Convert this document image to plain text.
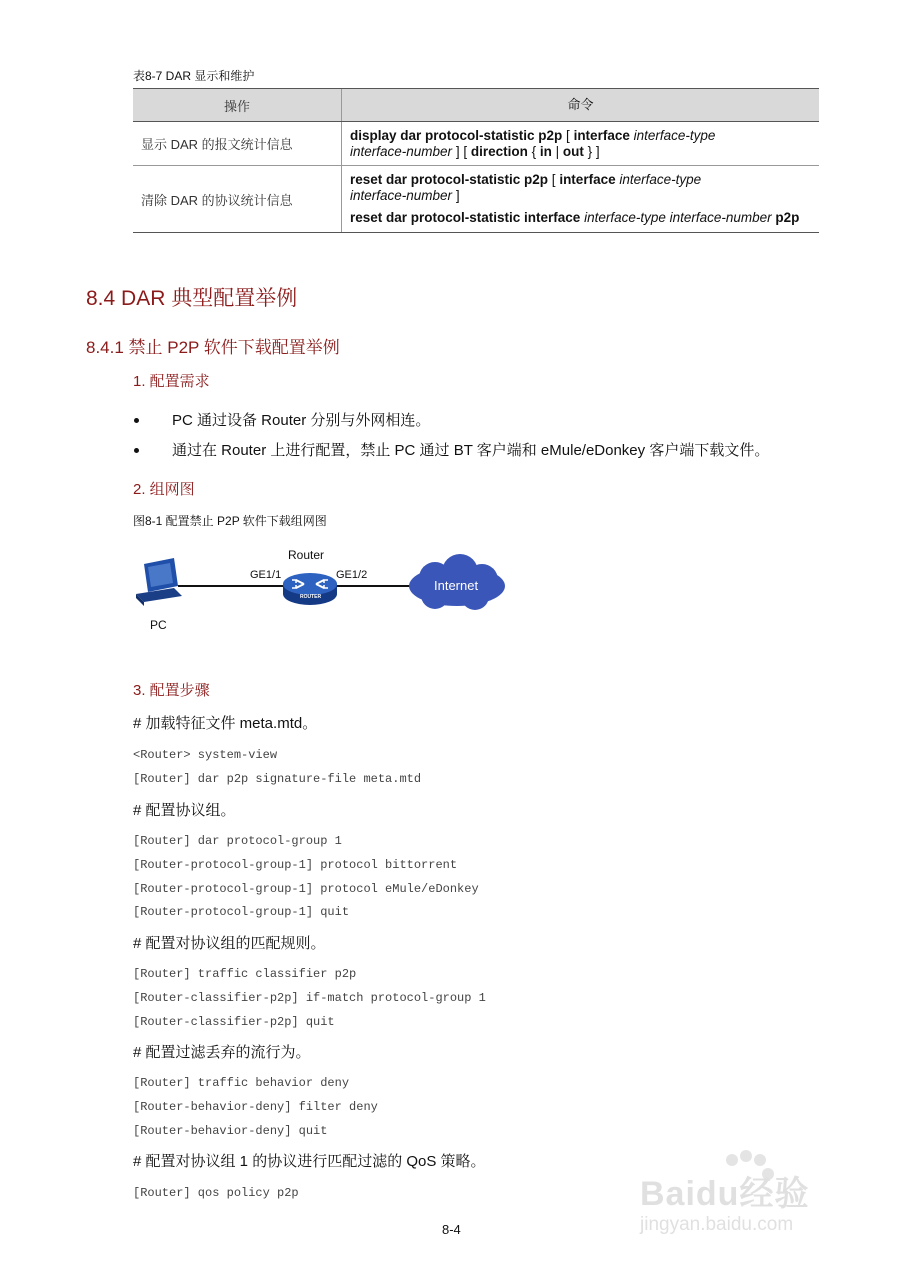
表8-7 DAR 显示和维护
操作	命令
显示 DAR 的报文统计信息	display dar protocol-statistic p2p [ interface interface-type
interface-number ] [ direction { in | out } ]

清除 DAR 的协议统计信息	reset dar protocol-statistic p2p [ interface interface-type
interface-number ]
reset dar protocol-statistic interface interface-type interface-number p2p
8.4 DAR 典型配置举例
8.4.1 禁止 P2P 软件下载配置举例
1. 配置需求
PC 通过设备 Router 分别与外网相连。
通过在 Router 上进行配置，禁止 PC 通过 BT 客户端和 eMule/eDonkey 客户端下载文件。
2. 组网图
图8-1 配置禁止 P2P 软件下载组网图
Router
ROUTER
GE1/1	GE1/2
PC
Internet
3. 配置步骤
# 加载特征文件 meta.mtd。
<Router> system-view
[Router] dar p2p signature-file meta.mtd
# 配置协议组。
[Router] dar protocol-group 1
[Router-protocol-group-1] protocol bittorrent
[Router-protocol-group-1] protocol eMule/eDonkey
[Router-protocol-group-1] quit
# 配置对协议组的匹配规则。
[Router] traffic classifier p2p
[Router-classifier-p2p] if-match protocol-group 1
[Router-classifier-p2p] quit
# 配置过滤丢弃的流行为。
[Router] traffic behavior deny
[Router-behavior-deny] filter deny
[Router-behavior-deny] quit
# 配置对协议组 1 的协议进行匹配过滤的 QoS 策略。
[Router] qos policy p2p
8-4
Baidu经验
jingyan.baidu.com
